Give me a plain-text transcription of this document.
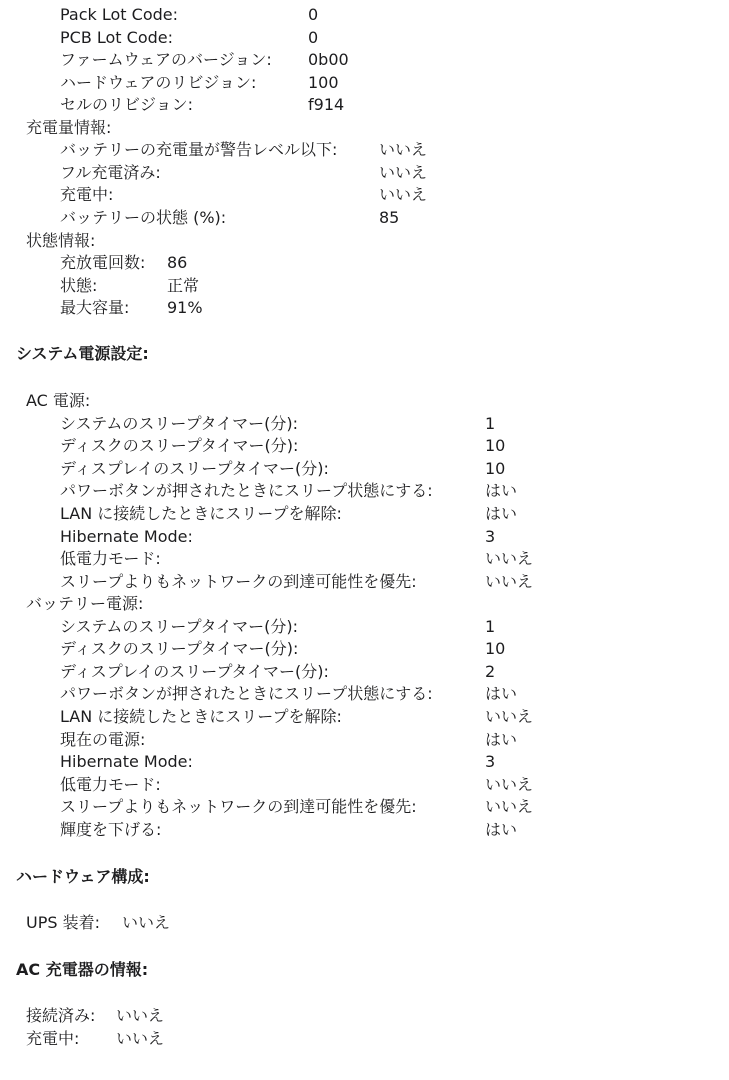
Pack Lot Code:	0
PCB Lot Code:	0
ファームウェアのバージョン: 0b00
ハードウェアのリビジョン:	100
セルのリビジョン:	f914
充電量情報:
バッテリーの充電量が警告レベル以下:	いいえ
フル充電済み:	いいえ
充電中:	いいえ
バッテリーの状態 (%):	85
状態情報:
充放電回数: 86
状態:	正常
最大容量: 91%
システム電源設定:
AC 電源:
システムのスリープタイマー(分):	1
ディスクのスリープタイマー(分):	10
ディスプレイのスリープタイマー(分):	10
パワーボタンが押されたときにスリープ状態にする:	はい
LAN に接続したときにスリープを解除:	はい
Hibernate Mode:	3
低電力モード:	いいえ
スリープよりもネットワークの到達可能性を優先:	いいえ
バッテリー電源:
システムのスリープタイマー(分):	1
ディスクのスリープタイマー(分):	10
ディスプレイのスリープタイマー(分):	2
パワーボタンが押されたときにスリープ状態にする:	はい
LAN に接続したときにスリープを解除:	いいえ
現在の電源:	はい
Hibernate Mode:	3
低電力モード:	いいえ
スリープよりもネットワークの到達可能性を優先:	いいえ
輝度を下げる:	はい
ハードウェア構成:
UPS 装着: いいえ
AC 充電器の情報:
接続済み: いいえ
充電中: いいえ
